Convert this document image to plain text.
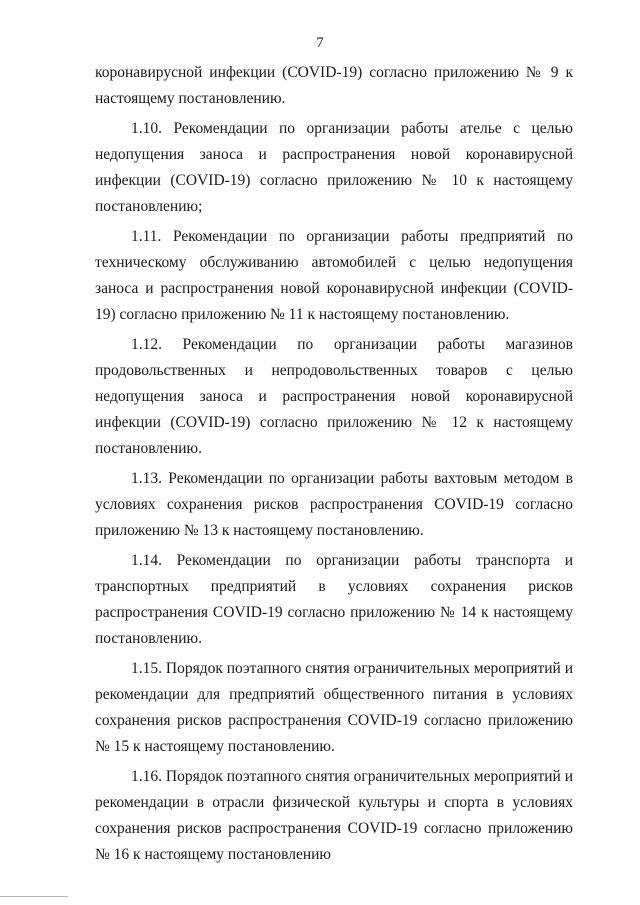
7

коронавирусной инфекции (COVID-19) согласно приложению № 9 к настоящему постановлению.

1.10. Рекомендации по организации работы ателье с целью недопущения заноса и распространения новой коронавирусной инфекции (COVID-19) согласно приложению № 10 к настоящему постановлению;

1.11. Рекомендации по организации работы предприятий по техническому обслуживанию автомобилей с целью недопущения заноса и распространения новой коронавирусной инфекции (COVID-19) согласно приложению № 11 к настоящему постановлению.

1.12. Рекомендации по организации работы магазинов продовольственных и непродовольственных товаров с целью недопущения заноса и распространения новой коронавирусной инфекции (COVID-19) согласно приложению № 12 к настоящему постановлению.

1.13. Рекомендации по организации работы вахтовым методом в условиях сохранения рисков распространения COVID-19 согласно приложению № 13 к настоящему постановлению.

1.14. Рекомендации по организации работы транспорта и транспортных предприятий в условиях сохранения рисков распространения COVID-19 согласно приложению № 14 к настоящему постановлению.

1.15. Порядок поэтапного снятия ограничительных мероприятий и рекомендации для предприятий общественного питания в условиях сохранения рисков распространения COVID-19 согласно приложению № 15 к настоящему постановлению.

1.16. Порядок поэтапного снятия ограничительных мероприятий и рекомендации в отрасли физической культуры и спорта в условиях сохранения рисков распространения COVID-19 согласно приложению № 16 к настоящему постановлению
